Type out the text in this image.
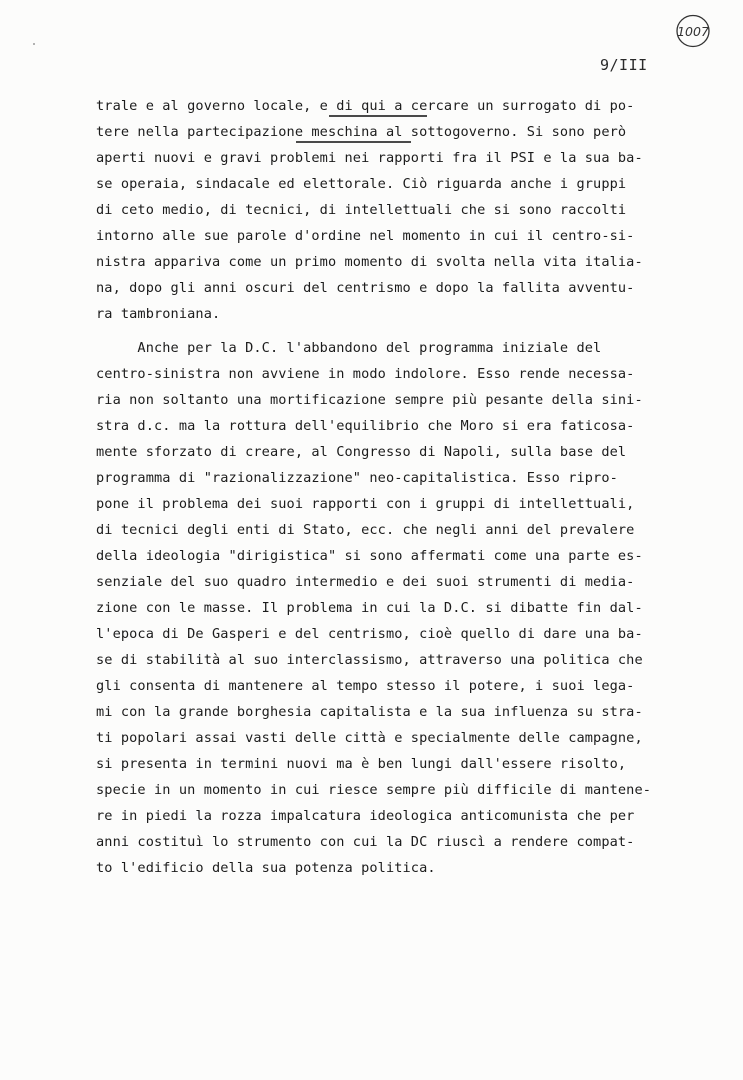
1007
9/III
trale e al governo locale, e di qui a cercare un surrogato di po-
tere nella partecipazione meschina al sottogoverno. Si sono però
aperti nuovi e gravi problemi nei rapporti fra il PSI e la sua ba-
se operaia, sindacale ed elettorale. Ciò riguarda anche i gruppi
di ceto medio, di tecnici, di intellettuali che si sono raccolti
intorno alle sue parole d'ordine nel momento in cui il centro-si-
nistra appariva come un primo momento di svolta nella vita italia-
na, dopo gli anni oscuri del centrismo e dopo la fallita avventu-
ra tambroniana.
Anche per la D.C. l'abbandono del programma iniziale del
centro-sinistra non avviene in modo indolore. Esso rende necessa-
ria non soltanto una mortificazione sempre più pesante della sini-
stra d.c. ma la rottura dell'equilibrio che Moro si era faticosa-
mente sforzato di creare, al Congresso di Napoli, sulla base del
programma di "razionalizzazione" neo-capitalistica. Esso ripro-
pone il problema dei suoi rapporti con i gruppi di intellettuali,
di tecnici degli enti di Stato, ecc. che negli anni del prevalere
della ideologia "dirigistica" si sono affermati come una parte es-
senziale del suo quadro intermedio e dei suoi strumenti di media-
zione con le masse. Il problema in cui la D.C. si dibatte fin dal-
l'epoca di De Gasperi e del centrismo, cioè quello di dare una ba-
se di stabilità al suo interclassismo, attraverso una politica che
gli consenta di mantenere al tempo stesso il potere, i suoi lega-
mi con la grande borghesia capitalista e la sua influenza su stra-
ti popolari assai vasti delle città e specialmente delle campagne,
si presenta in termini nuovi ma è ben lungi dall'essere risolto,
specie in un momento in cui riesce sempre più difficile di mantene-
re in piedi la rozza impalcatura ideologica anticomunista che per
anni costituì lo strumento con cui la DC riuscì a rendere compat-
to l'edificio della sua potenza politica.
